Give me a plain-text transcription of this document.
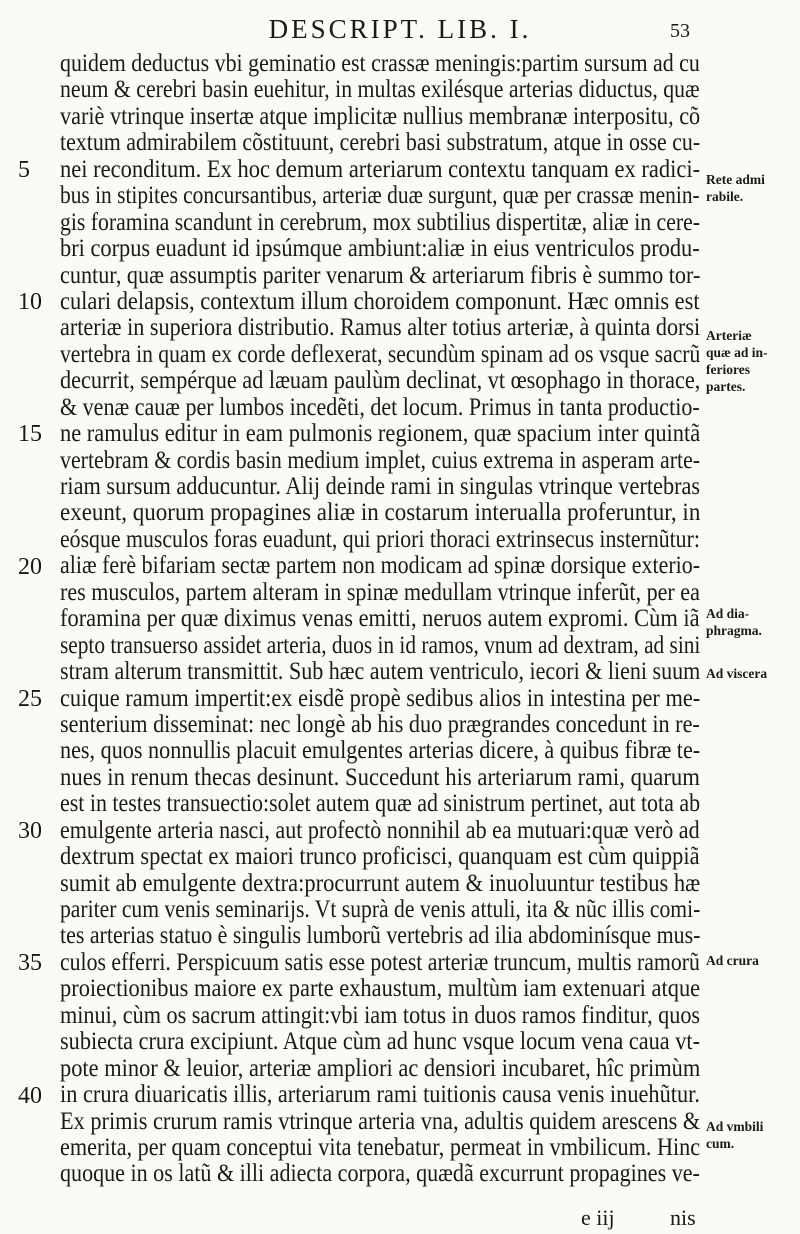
DESCRIPT. LIB. I.	53
quidem deductus vbi geminatio est crassæ meningis:partim sursum ad cu
neum & cerebri basin euehitur, in multas exilésque arterias diductus, quæ
variè vtrinque insertæ atque implicitæ nullius membranæ interpositu, cõ
textum admirabilem cõstituunt, cerebri basi substratum, atque in osse cu-
nei reconditum. Ex hoc demum arteriarum contextu tanquam ex radici-
bus in stipites concursantibus, arteriæ duæ surgunt, quæ per crassæ menin-
gis foramina scandunt in cerebrum, mox subtilius dispertitæ, aliæ in cere-
bri corpus euadunt id ipsúmque ambiunt:aliæ in eius ventriculos produ-
cuntur, quæ assumptis pariter venarum & arteriarum fibris è summo tor-
culari delapsis, contextum illum choroidem componunt. Hæc omnis est
arteriæ in superiora distributio. Ramus alter totius arteriæ, à quinta dorsi
vertebra in quam ex corde deflexerat, secundùm spinam ad os vsque sacrũ
decurrit, sempérque ad læuam paulùm declinat, vt œsophago in thorace,
& venæ cauæ per lumbos incedẽti, det locum. Primus in tanta productio-
ne ramulus editur in eam pulmonis regionem, quæ spacium inter quintã
vertebram & cordis basin medium implet, cuius extrema in asperam arte-
riam sursum adducuntur. Alij deinde rami in singulas vtrinque vertebras
exeunt, quorum propagines aliæ in costarum interualla proferuntur, in
eósque musculos foras euadunt, qui priori thoraci extrinsecus insternũtur:
aliæ ferè bifariam sectæ partem non modicam ad spinæ dorsique exterio-
res musculos, partem alteram in spinæ medullam vtrinque inferũt, per ea
foramina per quæ diximus venas emitti, neruos autem expromi. Cùm iã
septo transuerso assidet arteria, duos in id ramos, vnum ad dextram, ad sini
stram alterum transmittit. Sub hæc autem ventriculo, iecori & lieni suum
cuique ramum impertit:ex eisdẽ propè sedibus alios in intestina per me-
senterium disseminat: nec longè ab his duo prægrandes concedunt in re-
nes, quos nonnullis placuit emulgentes arterias dicere, à quibus fibræ te-
nues in renum thecas desinunt. Succedunt his arteriarum rami, quarum
est in testes transuectio:solet autem quæ ad sinistrum pertinet, aut tota ab
emulgente arteria nasci, aut profectò nonnihil ab ea mutuari:quæ verò ad
dextrum spectat ex maiori trunco proficisci, quanquam est cùm quippiã
sumit ab emulgente dextra:procurrunt autem & inuoluuntur testibus hæ
pariter cum venis seminarijs. Vt suprà de venis attuli, ita & nũc illis comi-
tes arterias statuo è singulis lumborũ vertebris ad ilia abdominísque mus-
culos efferri. Perspicuum satis esse potest arteriæ truncum, multis ramorũ
proiectionibus maiore ex parte exhaustum, multùm iam extenuari atque
minui, cùm os sacrum attingit:vbi iam totus in duos ramos finditur, quos
subiecta crura excipiunt. Atque cùm ad hunc vsque locum vena caua vt-
pote minor & leuior, arteriæ ampliori ac densiori incubaret, hîc primùm
in crura diuaricatis illis, arteriarum rami tuitionis causa venis inuehũtur.
Ex primis crurum ramis vtrinque arteria vna, adultis quidem arescens &
emerita, per quam conceptui vita tenebatur, permeat in vmbilicum. Hinc
quoque in os latũ & illi adiecta corpora, quædã excurrunt propagines ve-
5
10
15
20
25
30
35
40
Rete admi
rabile.
Arteriæ
quæ ad in-
feriores
partes.
Ad dia-
phragma.
Ad viscera
Ad crura
Ad vmbili
cum.
e iij	nis
